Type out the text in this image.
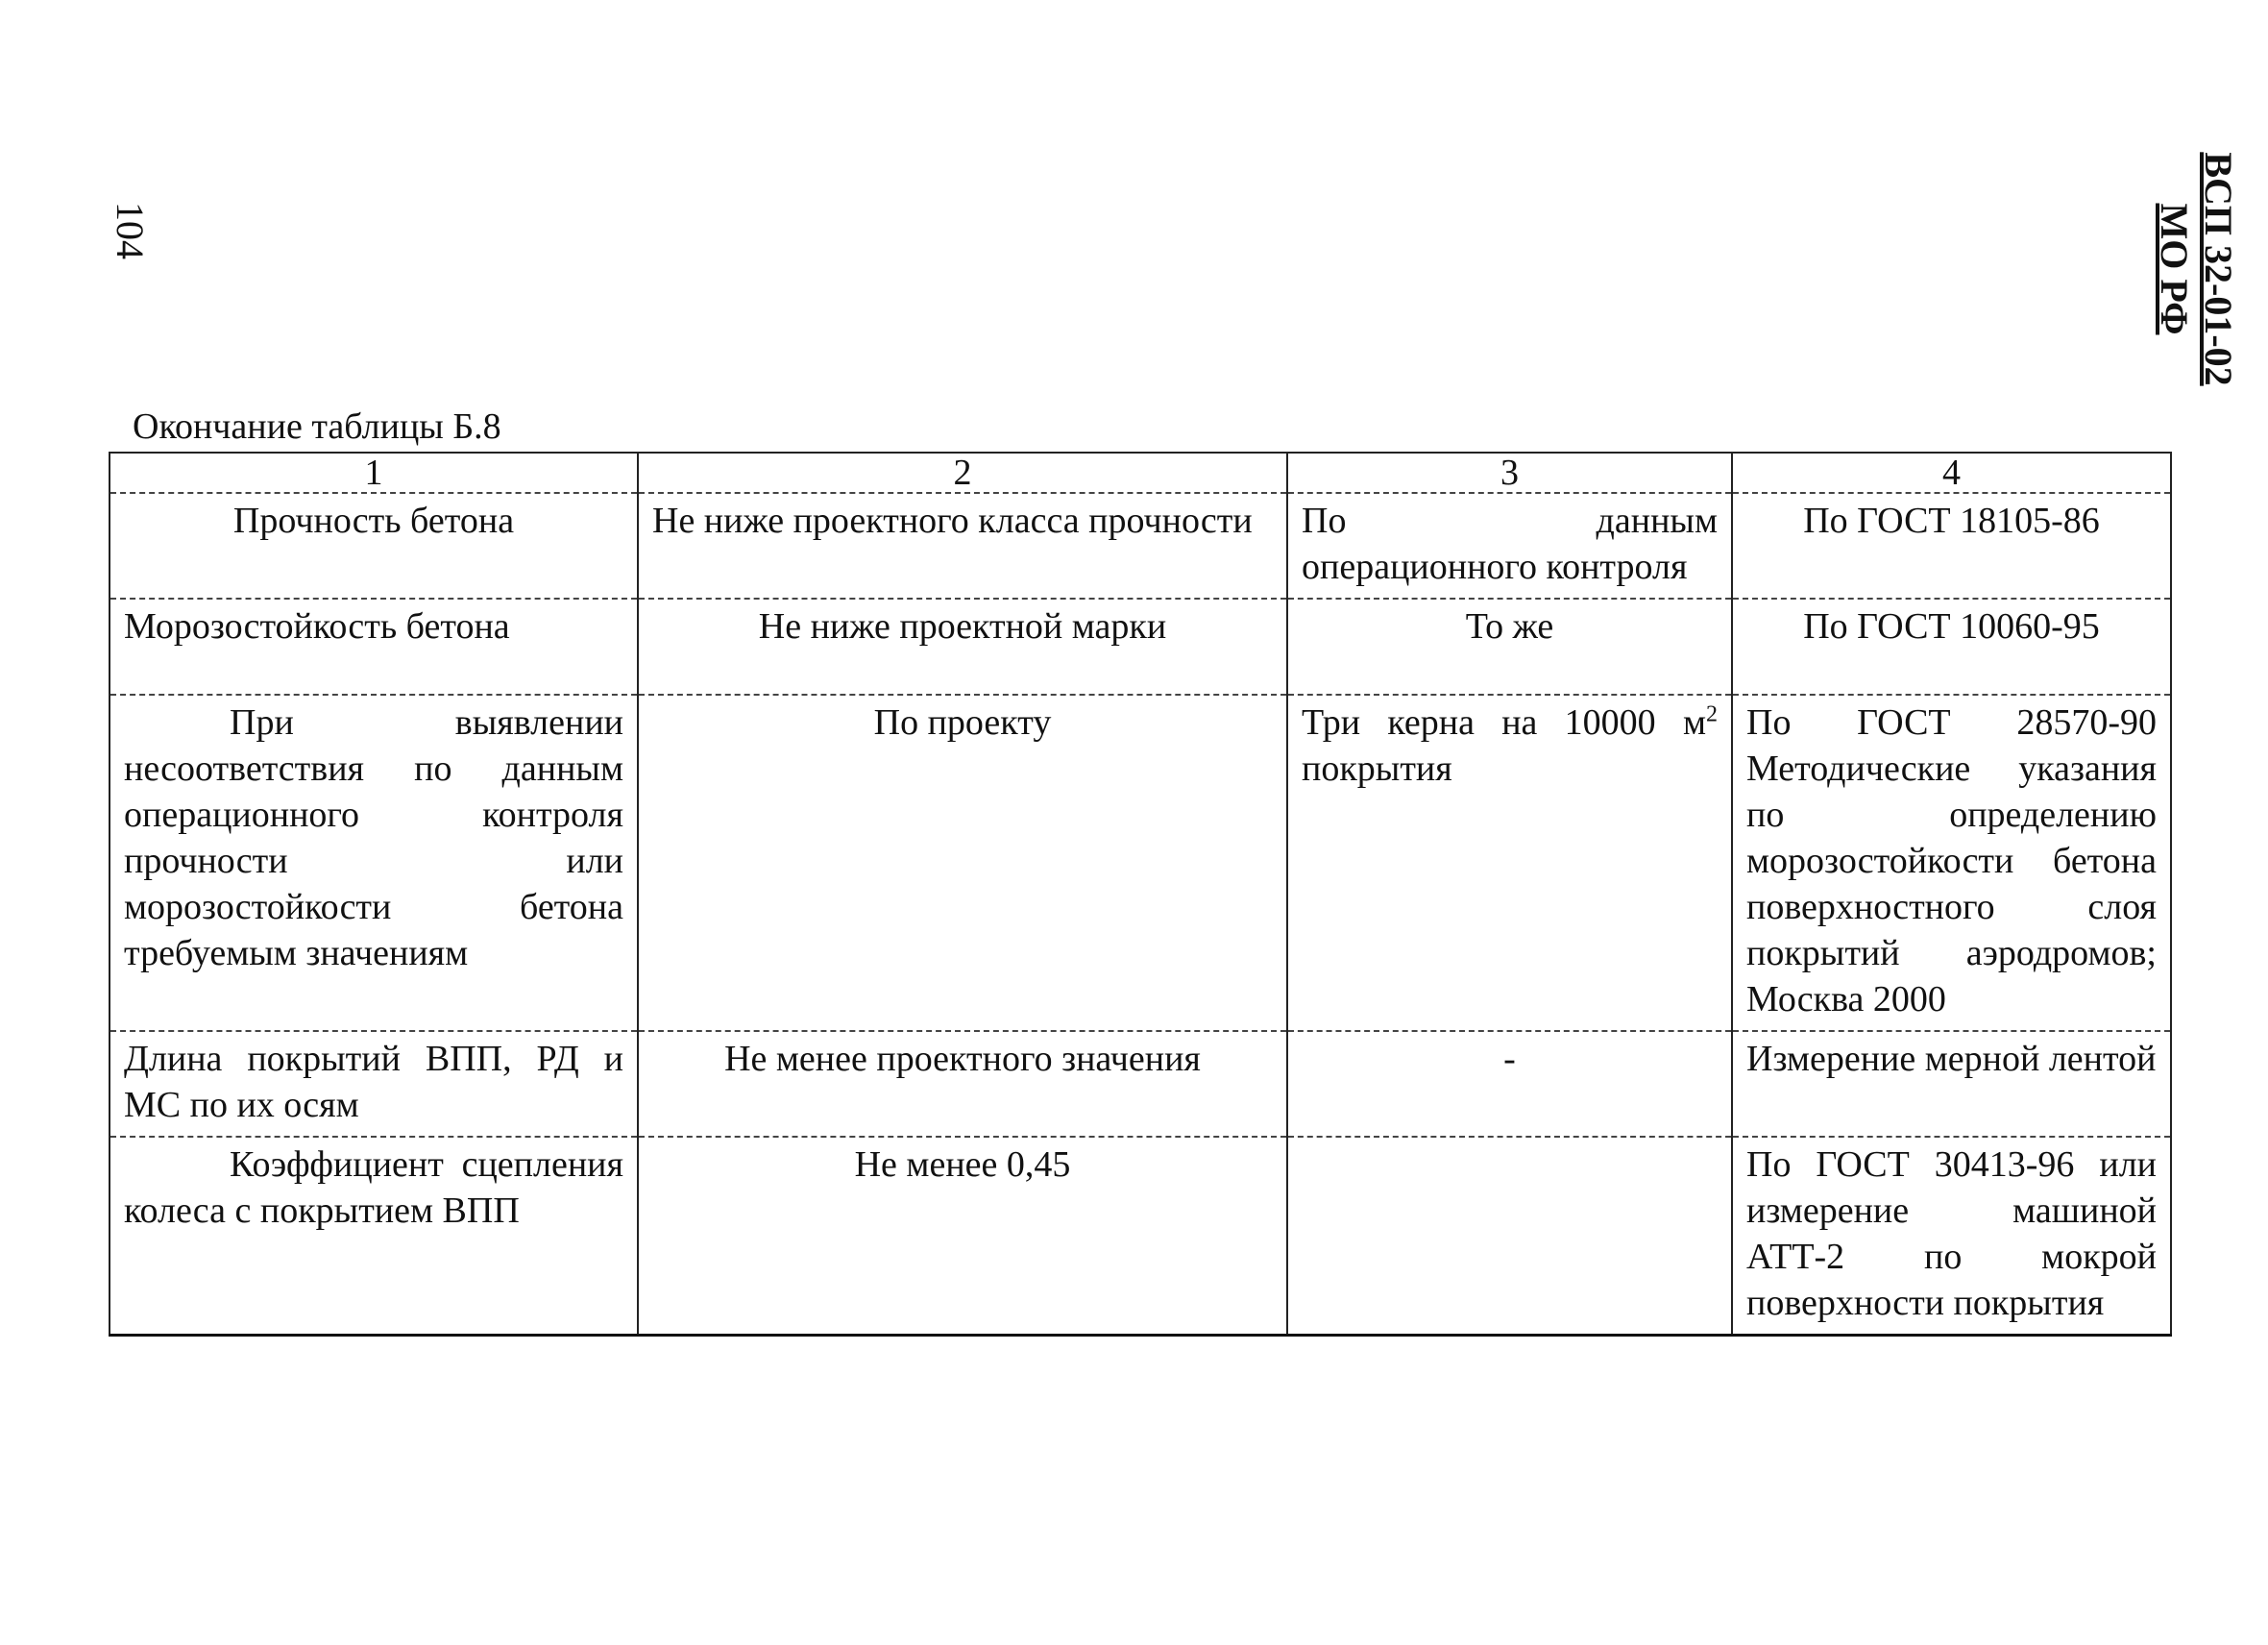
104	ВСП 32-01-02
МО РФ
Окончание таблицы Б.8
1	2	3	4
Прочность бетона	Не ниже проектного класса прочности	По данным операционного контроля	По ГОСТ 18105-86
Морозостойкость бетона	Не ниже проектной марки	То же	По ГОСТ 10060-95
При выявлении несоответствия по данным операционного контроля прочности или морозостойкости бетона требуемым значениям	По проекту	Три керна на 10000 $м^2$ покрытия	По ГОСТ 28570-90 Методические указания по определению морозостойкости бетона поверхностного слоя покрытий аэродромов; Москва 2000
Длина покрытий ВПП, РД и МС по их осям	Не менее проектного значения	-	Измерение мерной лентой
Коэффициент сцепления колеса с покрытием ВПП	Не менее 0,45		По ГОСТ 30413-96 или измерение машиной АТТ-2 по мокрой поверхности покрытия
